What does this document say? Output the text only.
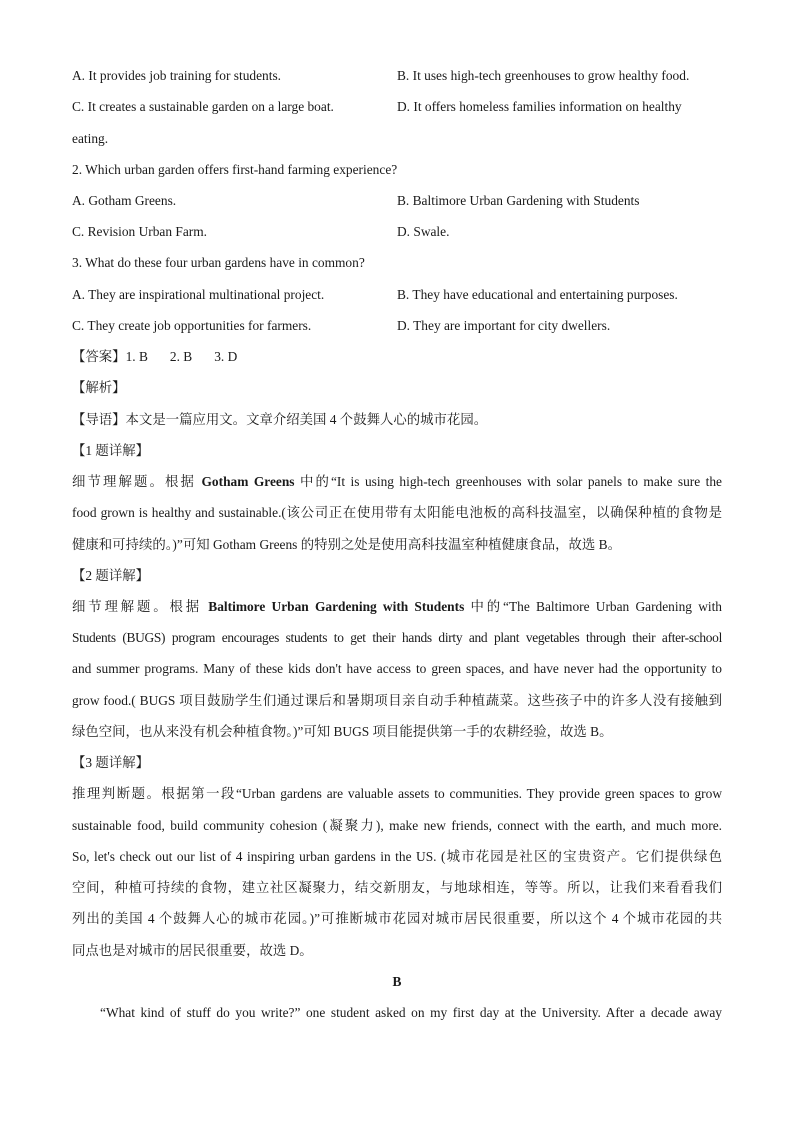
A. It provides job training for students.	B. It uses high-tech greenhouses to grow healthy food.
C. It creates a sustainable garden on a large boat.	D. It offers homeless families information on healthy
eating.
2. Which urban garden offers first-hand farming experience?
A. Gotham Greens.	B. Baltimore Urban Gardening with Students
C. Revision Urban Farm.	D. Swale.
3. What do these four urban gardens have in common?
A. They are inspirational multinational project.	B. They have educational and entertaining purposes.
C. They create job opportunities for farmers.	D. They are important for city dwellers.
【答案】1. B 2. B 3. D
【解析】
【导语】本文是一篇应用文。文章介绍美国 4 个鼓舞人心的城市花园。
【1 题详解】
细节理解题。根据 Gotham Greens 中的“It is using high-tech greenhouses with solar panels to make sure the
food grown is healthy and sustainable.(该公司正在使用带有太阳能电池板的高科技温室，以确保种植的食物是
健康和可持续的。)”可知 Gotham Greens 的特别之处是使用高科技温室种植健康食品，故选 B。
【2 题详解】
细节理解题。根据 Baltimore Urban Gardening with Students 中的“The Baltimore Urban Gardening with
Students (BUGS) program encourages students to get their hands dirty and plant vegetables through their after-school
and summer programs. Many of these kids don't have access to green spaces, and have never had the opportunity to
grow food.( BUGS 项目鼓励学生们通过课后和暑期项目亲自动手种植蔬菜。这些孩子中的许多人没有接触到
绿色空间，也从来没有机会种植食物。)”可知 BUGS 项目能提供第一手的农耕经验，故选 B。
【3 题详解】
推理判断题。根据第一段“Urban gardens are valuable assets to communities. They provide green spaces to grow
sustainable food, build community cohesion (凝聚力), make new friends, connect with the earth, and much more.
So, let's check out our list of 4 inspiring urban gardens in the US. (城市花园是社区的宝贵资产。它们提供绿色
空间，种植可持续的食物，建立社区凝聚力，结交新朋友，与地球相连，等等。所以，让我们来看看我们
列出的美国 4 个鼓舞人心的城市花园。)”可推断城市花园对城市居民很重要，所以这个 4 个城市花园的共
同点也是对城市的居民很重要，故选 D。
B
“What kind of stuff do you write?” one student asked on my first day at the University. After a decade away
